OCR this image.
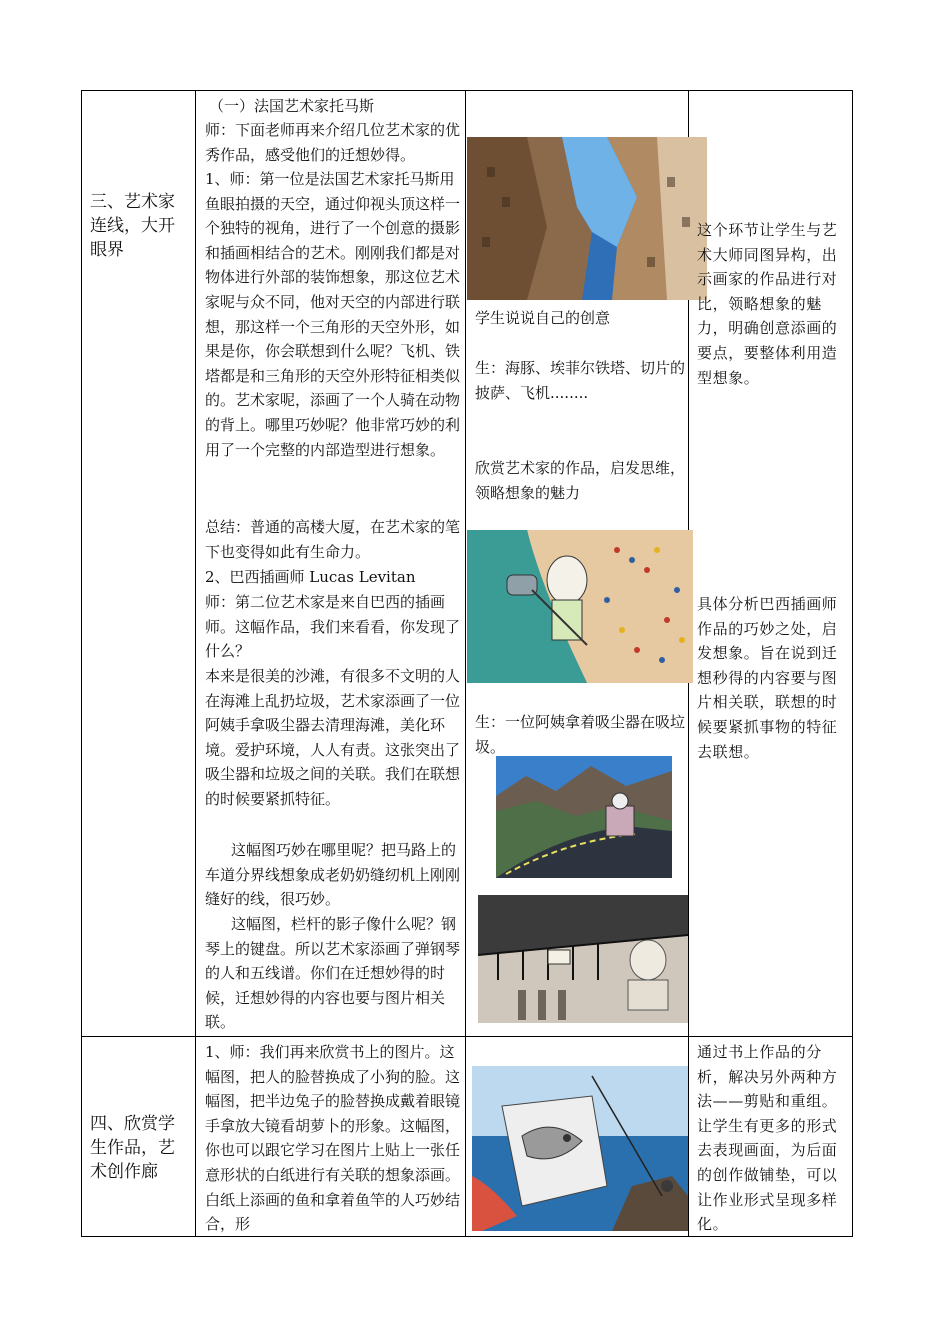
三、艺术家连线，大开眼界
（一）法国艺术家托马斯
师：下面老师再来介绍几位艺术家的优秀作品，感受他们的迁想妙得。
1、师：第一位是法国艺术家托马斯用鱼眼拍摄的天空，通过仰视头顶这样一个独特的视角，进行了一个创意的摄影和插画相结合的艺术。刚刚我们都是对物体进行外部的装饰想象，那这位艺术家呢与众不同，他对天空的内部进行联想，那这样一个三角形的天空外形，如果是你，你会联想到什么呢？飞机、铁塔都是和三角形的天空外形特征相类似的。艺术家呢，添画了一个人骑在动物的背上。哪里巧妙呢？他非常巧妙的利用了一个完整的内部造型进行想象。
总结：普通的高楼大厦，在艺术家的笔下也变得如此有生命力。
2、巴西插画师 Lucas Levitan
师：第二位艺术家是来自巴西的插画师。这幅作品，我们来看看，你发现了什么？
本来是很美的沙滩，有很多不文明的人在海滩上乱扔垃圾，艺术家添画了一位阿姨手拿吸尘器去清理海滩，美化环境。爱护环境，人人有责。这张突出了吸尘器和垃圾之间的关联。我们在联想的时候要紧抓特征。
这幅图巧妙在哪里呢？把马路上的车道分界线想象成老奶奶缝纫机上刚刚缝好的线，很巧妙。
这幅图，栏杆的影子像什么呢？钢琴上的键盘。所以艺术家添画了弹钢琴的人和五线谱。你们在迁想妙得的时候，迁想妙得的内容也要与图片相关联。
学生说说自己的创意
生：海豚、埃菲尔铁塔、切片的披萨、飞机........
欣赏艺术家的作品，启发思维，领略想象的魅力
生：一位阿姨拿着吸尘器在吸垃圾。
这个环节让学生与艺术大师同图异构，出示画家的作品进行对比，领略想象的魅力，明确创意添画的要点，要整体利用造型想象。
具体分析巴西插画师作品的巧妙之处，启发想象。旨在说到迁想秒得的内容要与图片相关联，联想的时候要紧抓事物的特征去联想。
四、欣赏学生作品，艺术创作廊
1、师：我们再来欣赏书上的图片。这幅图，把人的脸替换成了小狗的脸。这幅图，把半边兔子的脸替换成戴着眼镜手拿放大镜看胡萝卜的形象。这幅图，你也可以跟它学习在图片上贴上一张任意形状的白纸进行有关联的想象添画。白纸上添画的鱼和拿着鱼竿的人巧妙结合，形
通过书上作品的分析，解决另外两种方法——剪贴和重组。让学生有更多的形式去表现画面，为后面的创作做铺垫，可以让作业形式呈现多样化。
